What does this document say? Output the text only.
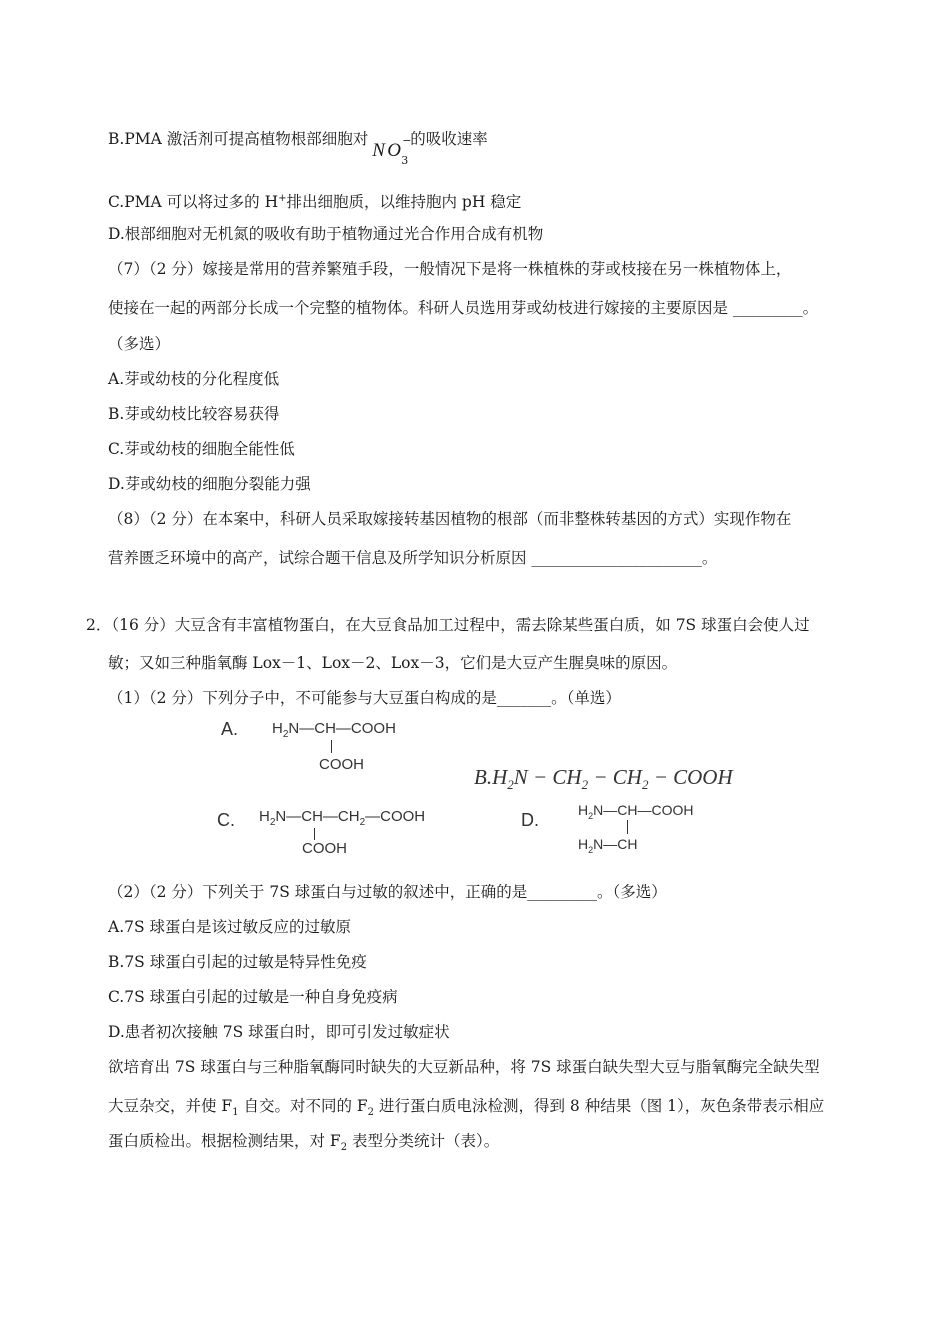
B.PMA 激活剂可提高植物根部细胞对
N O 3
−
的吸收速率
C.PMA 可以将过多的 H+排出细胞质，以维持胞内 pH 稳定
D.根部细胞对无机氮的吸收有助于植物通过光合作用合成有机物
（7）（2 分）嫁接是常用的营养繁殖手段，一般情况下是将一株植株的芽或枝接在另一株植物体上，
使接在一起的两部分长成一个完整的植物体。科研人员选用芽或幼枝进行嫁接的主要原因是 _________。
（多选）
A.芽或幼枝的分化程度低
B.芽或幼枝比较容易获得
C.芽或幼枝的细胞全能性低
D.芽或幼枝的细胞分裂能力强
（8）（2 分）在本案中，科研人员采取嫁接转基因植物的根部（而非整株转基因的方式）实现作物在
营养匮乏环境中的高产，试综合题干信息及所学知识分析原因 ______________________。
2．（16 分）大豆含有丰富植物蛋白，在大豆食品加工过程中，需去除某些蛋白质，如 7S 球蛋白会使人过
敏；又如三种脂氧酶 Lox－1、Lox－2、Lox－3，它们是大豆产生腥臭味的原因。
（1）（2 分）下列分子中，不可能参与大豆蛋白构成的是_______。（单选）
A. $H_2N—CH—COOH$
COOH
$B.H_2N - CH_2 - CH_2$ − COOH
C. $H_2N—CH—CH_2—COOH$
COOH
D.	$H_2N—CH—COOH$
$H_2N—CH$
（2）（2 分）下列关于 7S 球蛋白与过敏的叙述中，正确的是_________。（多选）
A.7S 球蛋白是该过敏反应的过敏原
B.7S 球蛋白引起的过敏是特异性免疫
C.7S 球蛋白引起的过敏是一种自身免疫病
D.患者初次接触 7S 球蛋白时，即可引发过敏症状
欲培育出 7S 球蛋白与三种脂氧酶同时缺失的大豆新品种，将 7S 球蛋白缺失型大豆与脂氧酶完全缺失型
大豆杂交，并使 $F_1$ 自交。对不同的 $F_2$ 进行蛋白质电泳检测，得到 8 种结果（图 1），灰色条带表示相应
蛋白质检出。根据检测结果，对 $F_2$ 表型分类统计（表）。
